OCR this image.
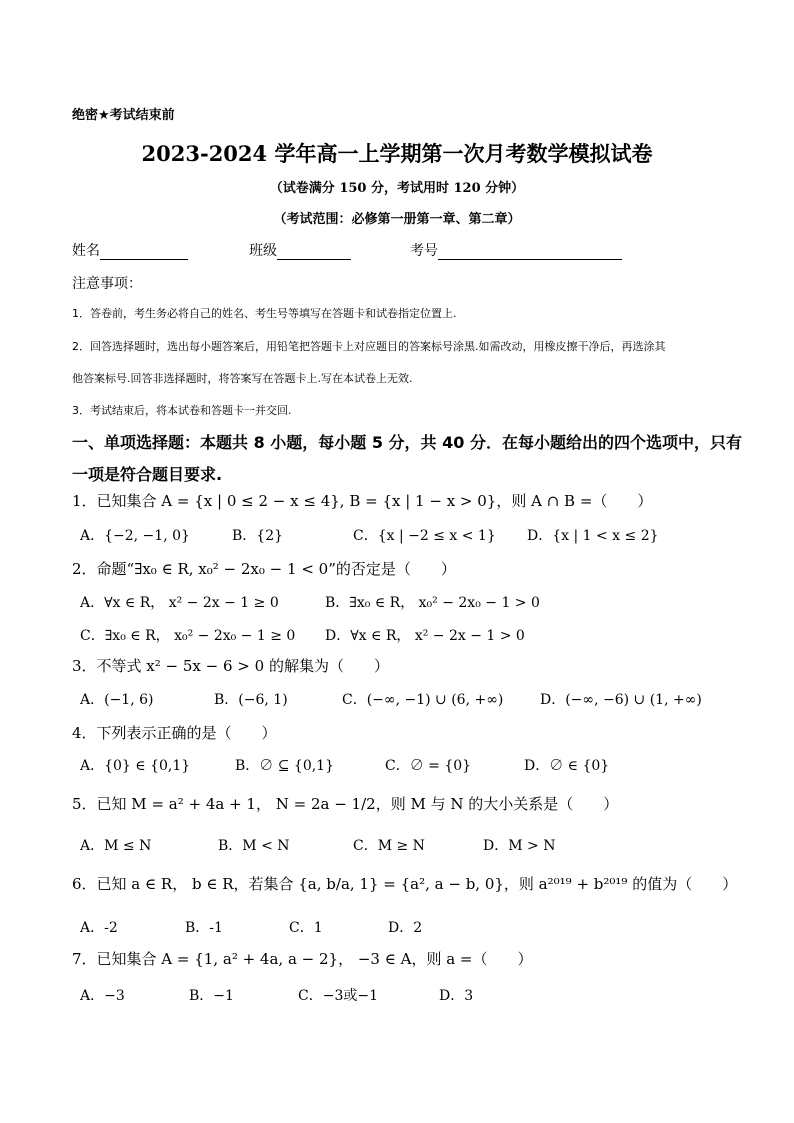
绝密★考试结束前
2023-2024 学年高一上学期第一次月考数学模拟试卷
（试卷满分 150 分，考试用时 120 分钟）
（考试范围：必修第一册第一章、第二章）
姓名	班级	考号
注意事项：
1．答卷前，考生务必将自己的姓名、考生号等填写在答题卡和试卷指定位置上.
2．回答选择题时，选出每小题答案后，用铅笔把答题卡上对应题目的答案标号涂黑.如需改动，用橡皮擦干净后，再选涂其
他答案标号.回答非选择题时，将答案写在答题卡上.写在本试卷上无效.
3．考试结束后，将本试卷和答题卡一并交回.
一、单项选择题：本题共 8 小题，每小题 5 分，共 40 分．在每小题给出的四个选项中，只有
一项是符合题目要求.
1．已知集合 A = {x | 0 ≤ 2 − x ≤ 4}, B = {x | 1 − x > 0}，则 A ∩ B =（　　）
A．{−2, −1, 0}	B．{2}	C．{x | −2 ≤ x < 1} D．{x | 1 < x ≤ 2}
2．命题“∃x₀ ∈ R, x₀² − 2x₀ − 1 < 0”的否定是（　　）
A．∀x ∈ R， x² − 2x − 1 ≥ 0	B．∃x₀ ∈ R， x₀² − 2x₀ − 1 > 0
C．∃x₀ ∈ R， x₀² − 2x₀ − 1 ≥ 0 D．∀x ∈ R， x² − 2x − 1 > 0
3．不等式 x² − 5x − 6 > 0 的解集为（　　）
A．(−1, 6)	B．(−6, 1)	C．(−∞, −1) ∪ (6, +∞)	D．(−∞, −6) ∪ (1, +∞)
4．下列表示正确的是（　　）
A．{0} ∈ {0,1}	B．∅ ⊆ {0,1}	C．∅ = {0}	D．∅ ∈ {0}
5．已知 M = a² + 4a + 1， N = 2a − 1/2，则 M 与 N 的大小关系是（　　）
A．M ≤ N	B．M < N	C．M ≥ N	D．M > N
6．已知 a ∈ R， b ∈ R，若集合 {a, b/a, 1} = {a², a − b, 0}，则 a²⁰¹⁹ + b²⁰¹⁹ 的值为（　　）
A．-2	B．-1	C．1	D．2
7．已知集合 A = {1, a² + 4a, a − 2}， −3 ∈ A，则 a =（　　）
A．−3	B．−1	C．−3或−1	D．3
